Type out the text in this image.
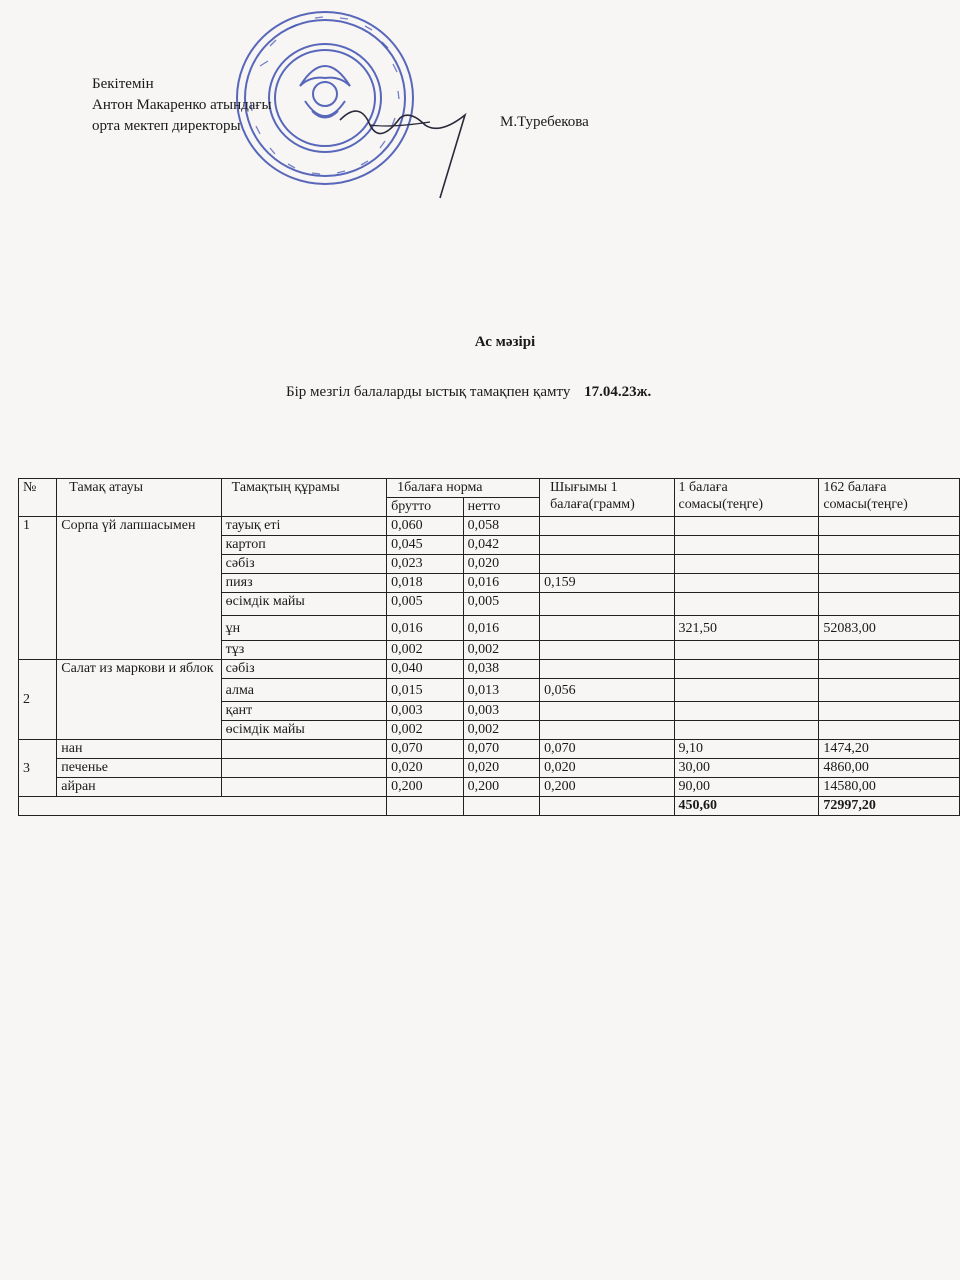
Бекітемін
Антон Макаренко атындағы
орта мектеп директоры	М.Туребекова
Ас мәзірі
Бір мезгіл балаларды ыстық тамақпен қамту 17.04.23ж.
№	Тамақ атауы	Тамақтың құрамы	1балаға норма		Шығымы 1 балаға(грамм)	1 балаға сомасы(теңге)	162 балаға сомасы(теңге)
			брутто	нетто			
1	Сорпа үй лапшасымен	тауық еті	0,060	0,058			
		картоп	0,045	0,042			
		сәбіз	0,023	0,020			
		пияз	0,018	0,016	0,159		
		өсімдік майы	0,005	0,005			
		ұн	0,016	0,016		321,50	52083,00
		тұз	0,002	0,002			
2	Салат из маркови и яблок	сәбіз	0,040	0,038			
		алма	0,015	0,013	0,056		
		қант	0,003	0,003			
		өсімдік майы	0,002	0,002			
3	нан		0,070	0,070	0,070	9,10	1474,20
	печенье		0,020	0,020	0,020	30,00	4860,00
	айран		0,200	0,200	0,200	90,00	14580,00
						450,60	72997,20
